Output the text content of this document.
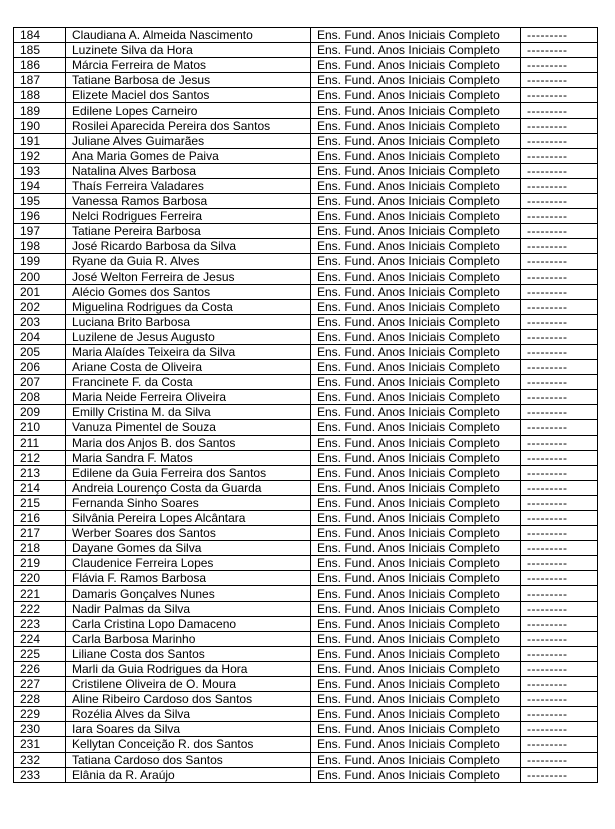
184	Claudiana A. Almeida Nascimento	Ens. Fund. Anos Iniciais Completo	---------
185	Luzinete Silva da Hora	Ens. Fund. Anos Iniciais Completo	---------
186	Márcia Ferreira de Matos	Ens. Fund. Anos Iniciais Completo	---------
187	Tatiane Barbosa de Jesus	Ens. Fund. Anos Iniciais Completo	---------
188	Elizete Maciel dos Santos	Ens. Fund. Anos Iniciais Completo	---------
189	Edilene Lopes Carneiro	Ens. Fund. Anos Iniciais Completo	---------
190	Rosilei Aparecida Pereira dos Santos	Ens. Fund. Anos Iniciais Completo	---------
191	Juliane Alves Guimarães	Ens. Fund. Anos Iniciais Completo	---------
192	Ana Maria Gomes de Paiva	Ens. Fund. Anos Iniciais Completo	---------
193	Natalina Alves Barbosa	Ens. Fund. Anos Iniciais Completo	---------
194	Thaís Ferreira Valadares	Ens. Fund. Anos Iniciais Completo	---------
195	Vanessa Ramos Barbosa	Ens. Fund. Anos Iniciais Completo	---------
196	Nelci Rodrigues Ferreira	Ens. Fund. Anos Iniciais Completo	---------
197	Tatiane Pereira Barbosa	Ens. Fund. Anos Iniciais Completo	---------
198	José Ricardo Barbosa da Silva	Ens. Fund. Anos Iniciais Completo	---------
199	Ryane da Guia R. Alves	Ens. Fund. Anos Iniciais Completo	---------
200	José Welton Ferreira de Jesus	Ens. Fund. Anos Iniciais Completo	---------
201	Alécio Gomes dos Santos	Ens. Fund. Anos Iniciais Completo	---------
202	Miguelina Rodrigues da Costa	Ens. Fund. Anos Iniciais Completo	---------
203	Luciana Brito Barbosa	Ens. Fund. Anos Iniciais Completo	---------
204	Luzilene de Jesus Augusto	Ens. Fund. Anos Iniciais Completo	---------
205	Maria Alaídes Teixeira da Silva	Ens. Fund. Anos Iniciais Completo	---------
206	Ariane Costa de Oliveira	Ens. Fund. Anos Iniciais Completo	---------
207	Francinete F. da Costa	Ens. Fund. Anos Iniciais Completo	---------
208	Maria Neide Ferreira Oliveira	Ens. Fund. Anos Iniciais Completo	---------
209	Emilly Cristina M. da Silva	Ens. Fund. Anos Iniciais Completo	---------
210	Vanuza Pimentel de Souza	Ens. Fund. Anos Iniciais Completo	---------
211	Maria dos Anjos B. dos Santos	Ens. Fund. Anos Iniciais Completo	---------
212	Maria Sandra F. Matos	Ens. Fund. Anos Iniciais Completo	---------
213	Edilene da Guia Ferreira dos Santos	Ens. Fund. Anos Iniciais Completo	---------
214	Andreia Lourenço Costa da Guarda	Ens. Fund. Anos Iniciais Completo	---------
215	Fernanda Sinho Soares	Ens. Fund. Anos Iniciais Completo	---------
216	Silvânia Pereira Lopes Alcântara	Ens. Fund. Anos Iniciais Completo	---------
217	Werber Soares dos Santos	Ens. Fund. Anos Iniciais Completo	---------
218	Dayane Gomes da Silva	Ens. Fund. Anos Iniciais Completo	---------
219	Claudenice Ferreira Lopes	Ens. Fund. Anos Iniciais Completo	---------
220	Flávia F. Ramos Barbosa	Ens. Fund. Anos Iniciais Completo	---------
221	Damaris Gonçalves Nunes	Ens. Fund. Anos Iniciais Completo	---------
222	Nadir Palmas da Silva	Ens. Fund. Anos Iniciais Completo	---------
223	Carla Cristina Lopo Damaceno	Ens. Fund. Anos Iniciais Completo	---------
224	Carla Barbosa Marinho	Ens. Fund. Anos Iniciais Completo	---------
225	Liliane Costa dos Santos	Ens. Fund. Anos Iniciais Completo	---------
226	Marli da Guia Rodrigues da Hora	Ens. Fund. Anos Iniciais Completo	---------
227	Cristilene Oliveira de O. Moura	Ens. Fund. Anos Iniciais Completo	---------
228	Aline Ribeiro Cardoso dos Santos	Ens. Fund. Anos Iniciais Completo	---------
229	Rozélia Alves da Silva	Ens. Fund. Anos Iniciais Completo	---------
230	Iara Soares da Silva	Ens. Fund. Anos Iniciais Completo	---------
231	Kellytan Conceição R. dos Santos	Ens. Fund. Anos Iniciais Completo	---------
232	Tatiana Cardoso dos Santos	Ens. Fund. Anos Iniciais Completo	---------
233	Elânia da R. Araújo	Ens. Fund. Anos Iniciais Completo	---------
